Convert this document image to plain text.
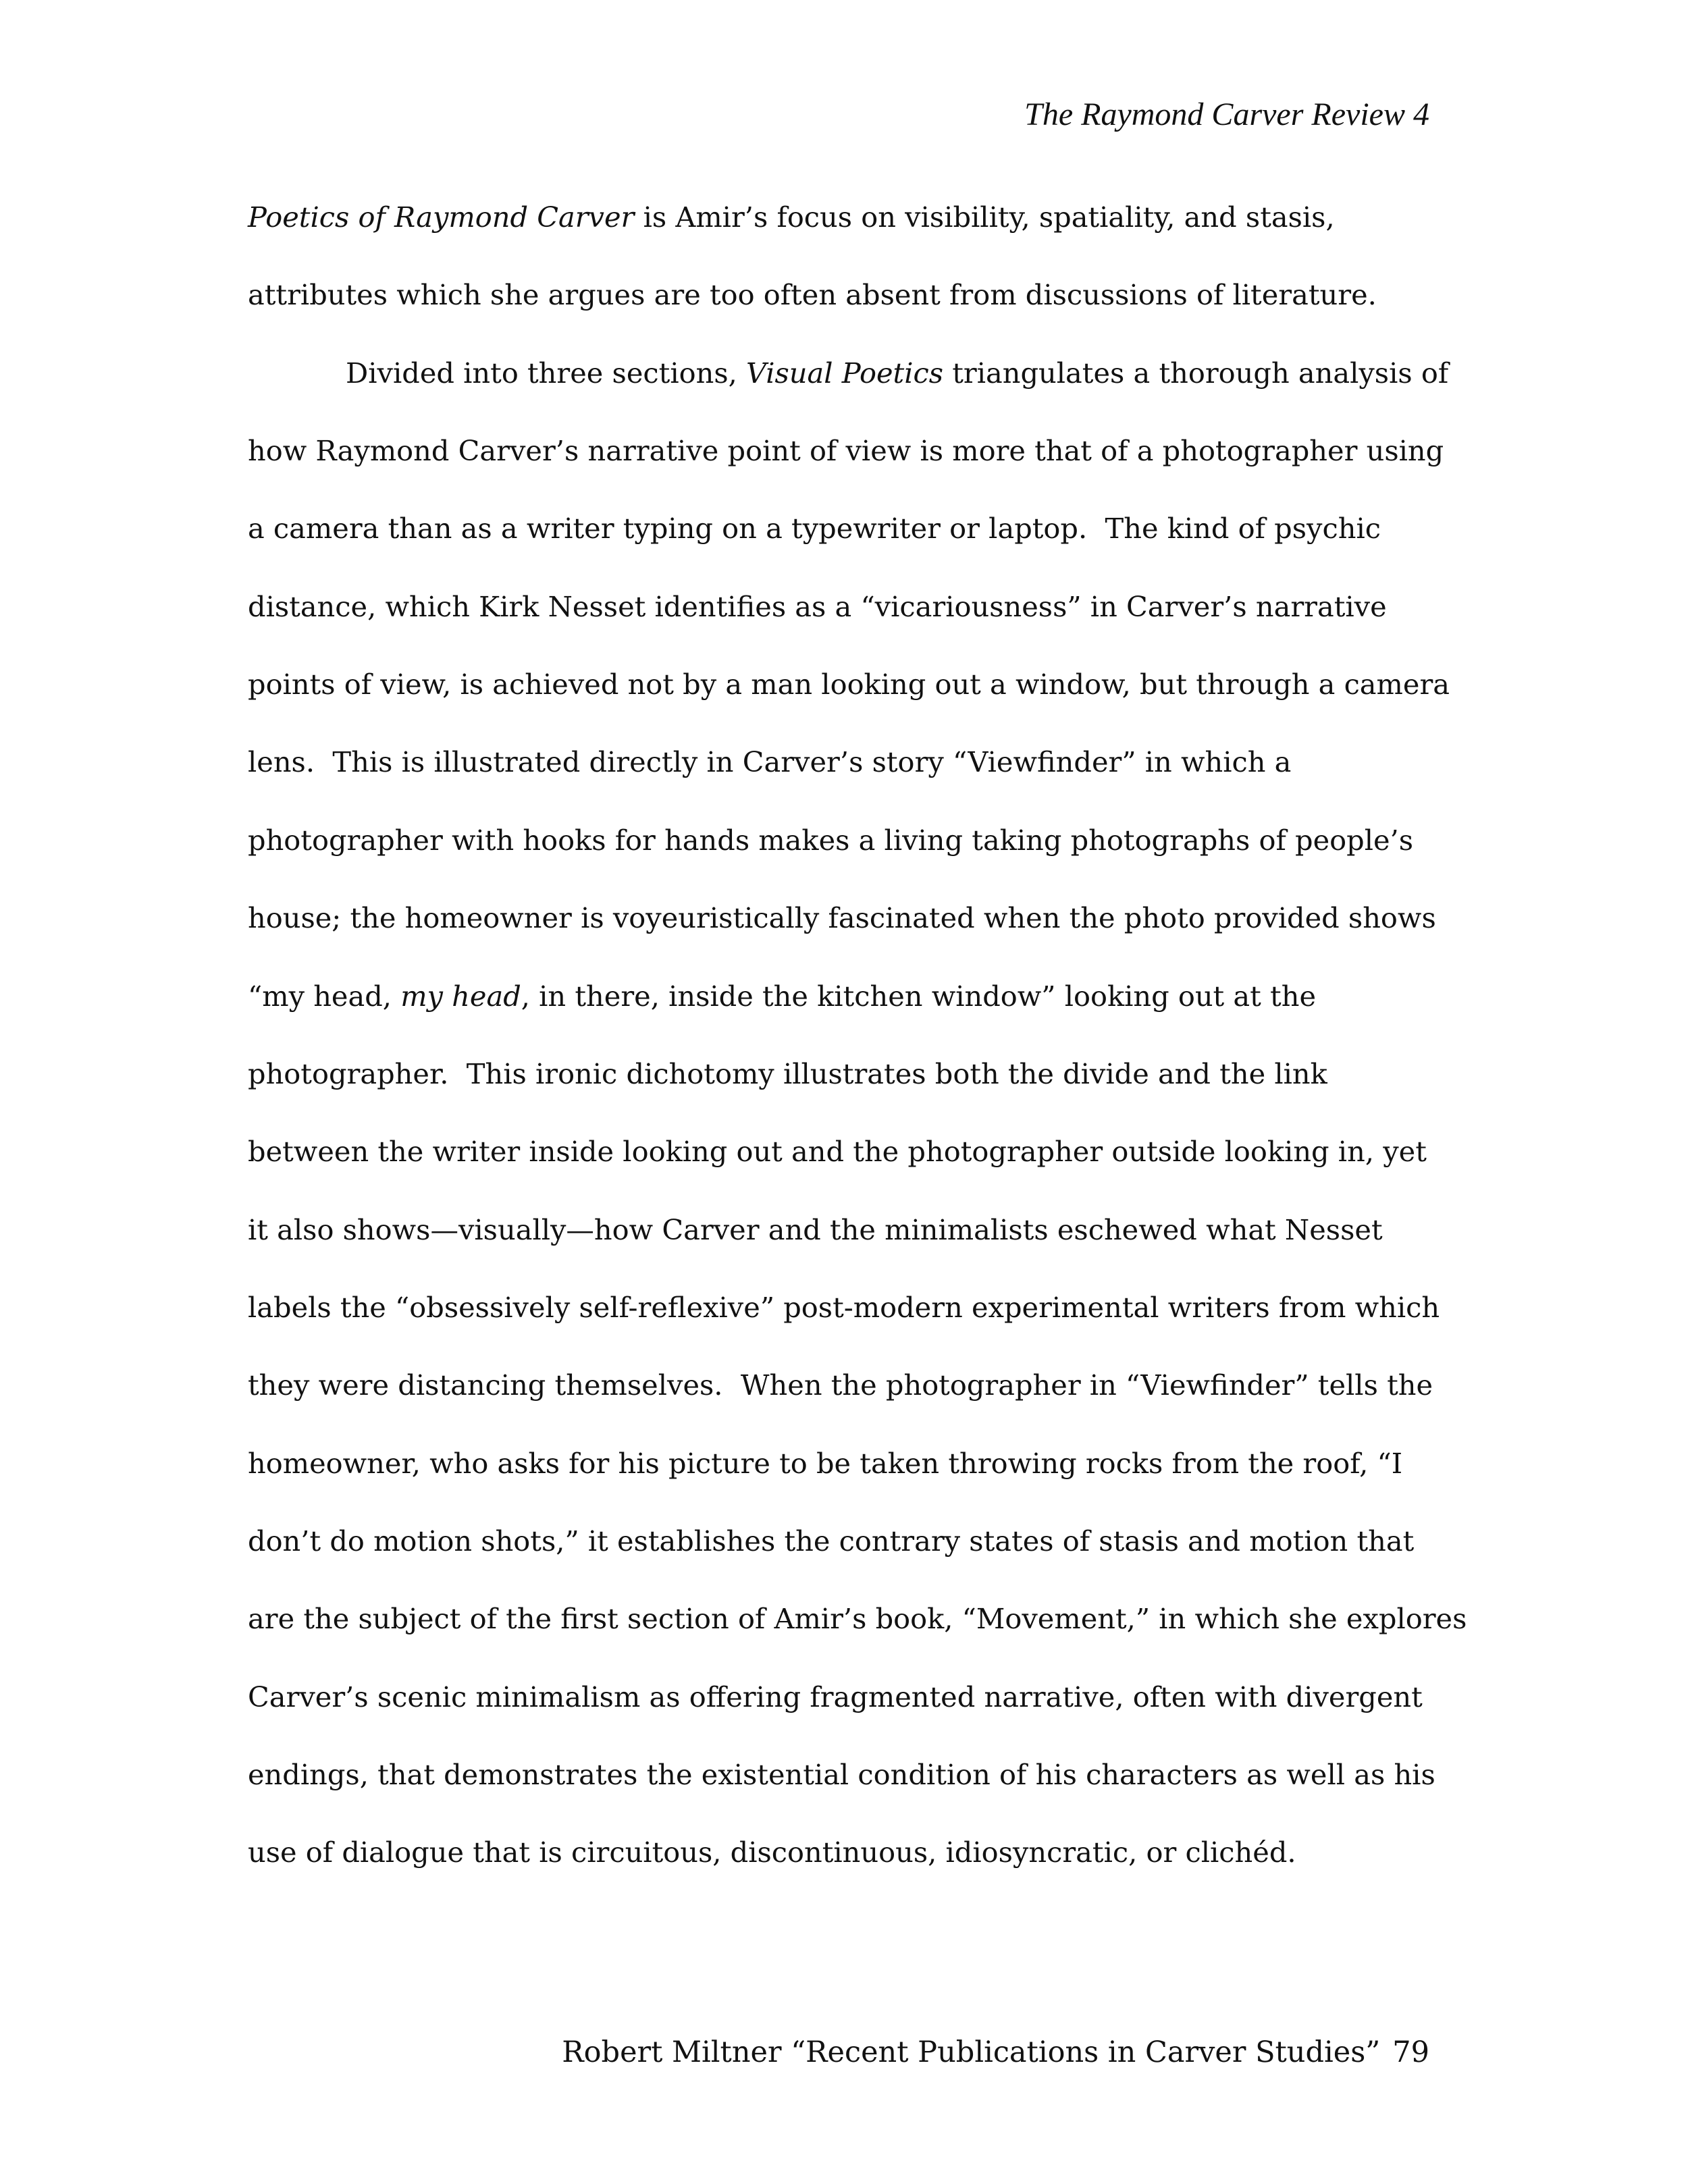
The Raymond Carver Review 4
Poetics of Raymond Carver is Amir’s focus on visibility, spatiality, and stasis,
attributes which she argues are too often absent from discussions of literature.
Divided into three sections, Visual Poetics triangulates a thorough analysis of
how Raymond Carver’s narrative point of view is more that of a photographer using
a camera than as a writer typing on a typewriter or laptop.  The kind of psychic
distance, which Kirk Nesset identifies as a “vicariousness” in Carver’s narrative
points of view, is achieved not by a man looking out a window, but through a camera
lens.  This is illustrated directly in Carver’s story “Viewfinder” in which a
photographer with hooks for hands makes a living taking photographs of people’s
house; the homeowner is voyeuristically fascinated when the photo provided shows
“my head, my head, in there, inside the kitchen window” looking out at the
photographer.  This ironic dichotomy illustrates both the divide and the link
between the writer inside looking out and the photographer outside looking in, yet
it also shows—visually—how Carver and the minimalists eschewed what Nesset
labels the “obsessively self-reflexive” post-modern experimental writers from which
they were distancing themselves.  When the photographer in “Viewfinder” tells the
homeowner, who asks for his picture to be taken throwing rocks from the roof, “I
don’t do motion shots,” it establishes the contrary states of stasis and motion that
are the subject of the first section of Amir’s book, “Movement,” in which she explores
Carver’s scenic minimalism as offering fragmented narrative, often with divergent
endings, that demonstrates the existential condition of his characters as well as his
use of dialogue that is circuitous, discontinuous, idiosyncratic, or clichéd.
Robert Miltner “Recent Publications in Carver Studies” 79
